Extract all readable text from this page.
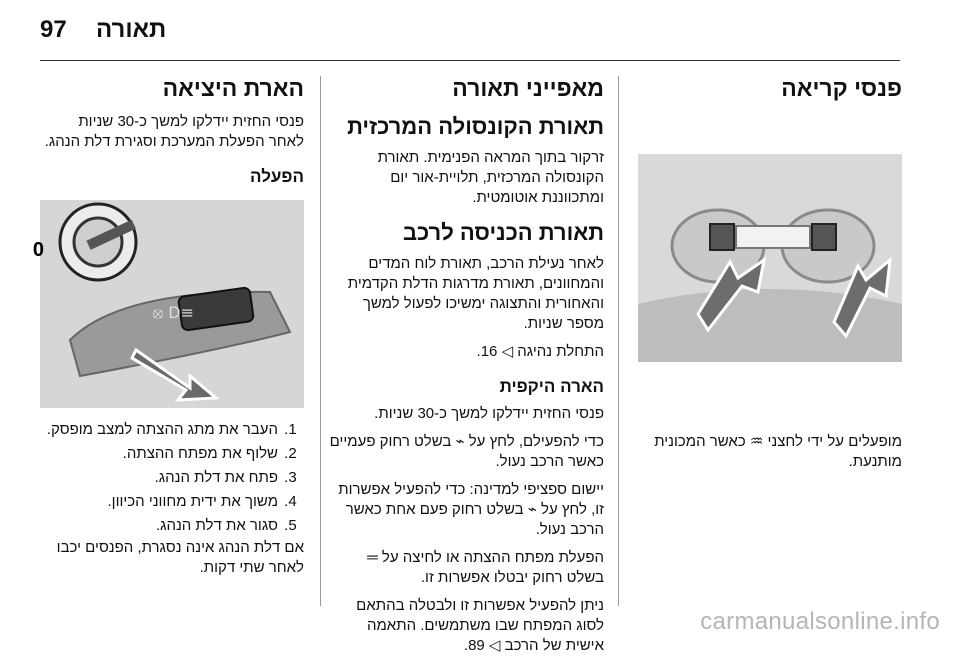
97 תאורה
פנסי קריאה

מופעלים על ידי לחצני ♒ כאשר המכונית מותנעת.

מאפייני תאורה
תאורת הקונסולה המרכזית

זרקור בתוך המראה הפנימית. תאורת הקונסולה המרכזית, תלויית-אור יום ומתכווננת אוטומטית.

תאורת הכניסה לרכב

לאחר נעילת הרכב, תאורת לוח המדים והמחוונים, תאורת מדרגות הדלת הקדמית והאחורית והתצוגה ימשיכו לפעול למשך מספר שניות.

התחלת נהיגה ◁ 16.

הארה היקפית

פנסי החזית יידלקו למשך כ-30 שניות.

כדי להפעילם, לחץ על ⌁ בשלט רחוק פעמיים כאשר הרכב נעול.

יישום ספציפי למדינה: כדי להפעיל אפשרות זו, לחץ על ⌁ בשלט רחוק פעם אחת כאשר הרכב נעול.

הפעלת מפתח ההצתה או לחיצה על ═ בשלט רחוק יבטלו אפשרות זו.

ניתן להפעיל אפשרות זו ולבטלה בהתאם לסוג המפתח שבו משתמשים. התאמה אישית של הרכב ◁ 89.

הארת היציאה

פנסי החזית יידלקו למשך כ-30 שניות לאחר הפעלת המערכת וסגירת דלת הנהג.

הפעלה
0
≡D ⦻
1. העבר את מתג ההצתה למצב מופסק.
2. שלוף את מפתח ההצתה.
3. פתח את דלת הנהג.
4. משוך את ידית מחווני הכיוון.
5. סגור את דלת הנהג.

אם דלת הנהג אינה נסגרת, הפנסים יכבו לאחר שתי דקות.

carmanualsonline.info
